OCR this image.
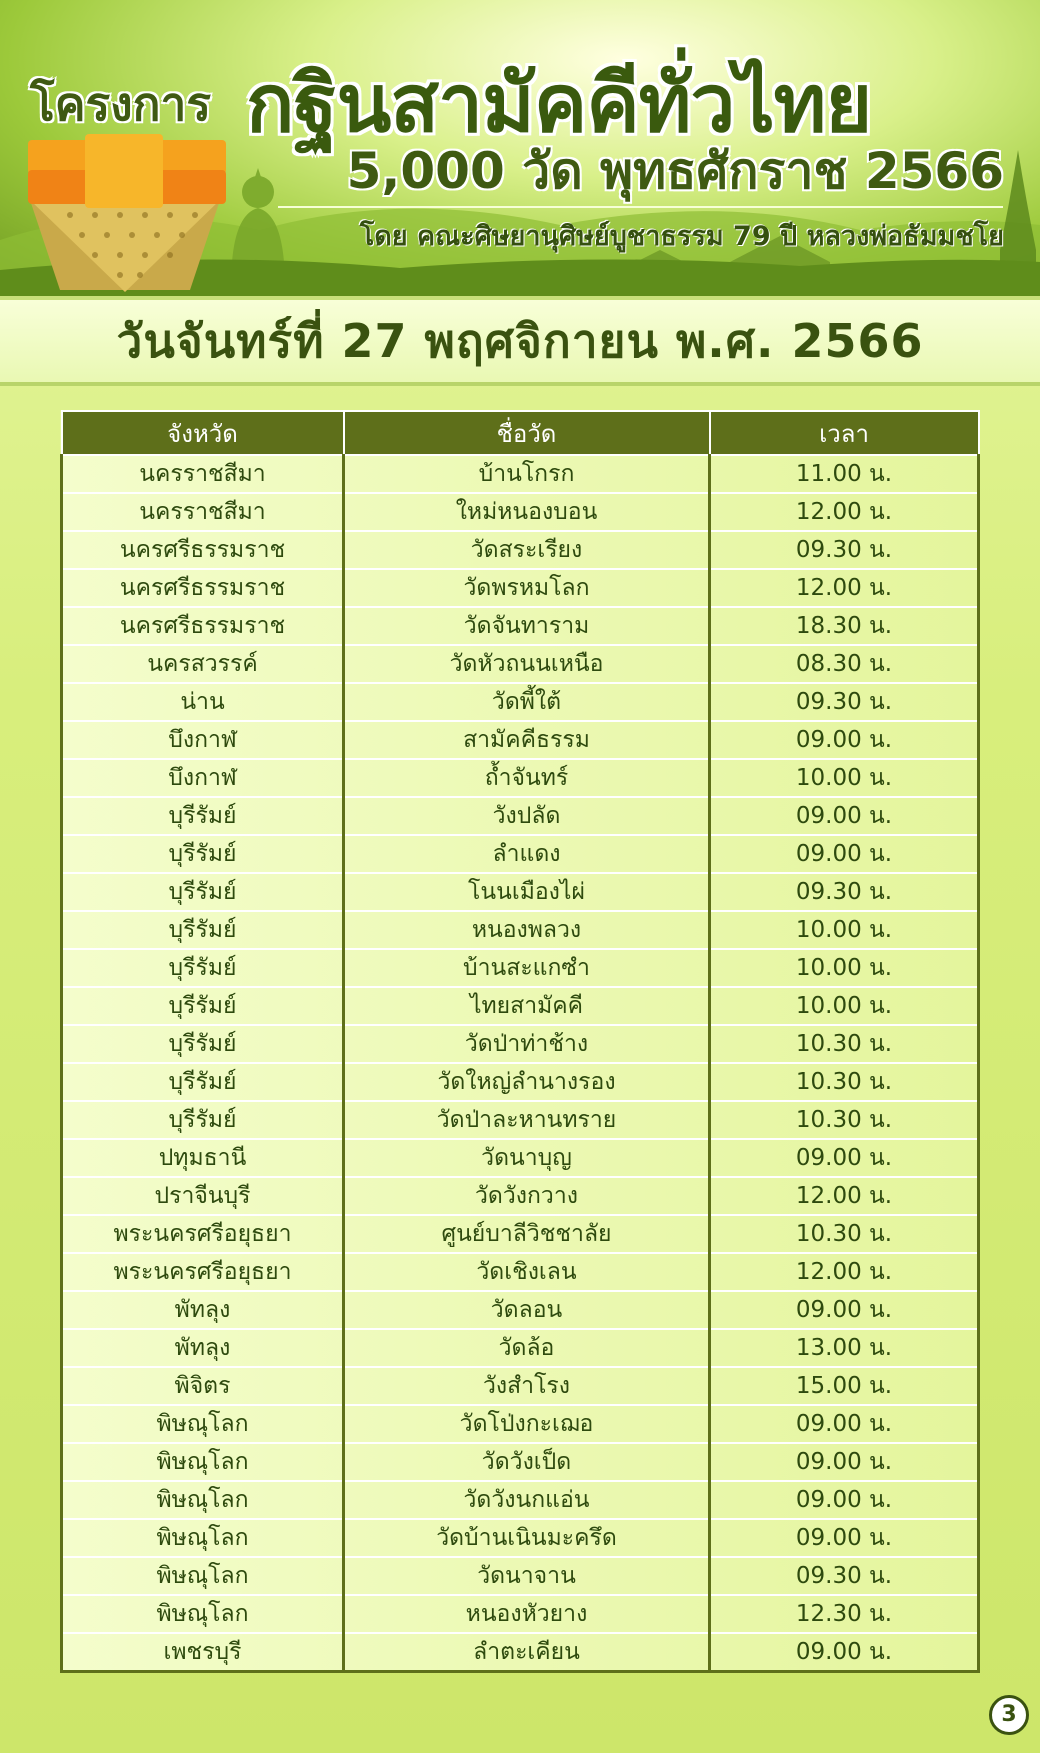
โครงการ กฐินสามัคคีทั่วไทย
5,000 วัด พุทธศักราช 2566
โดย คณะศิษยานุศิษย์บูชาธรรม 79 ปี หลวงพ่อธัมมชโย
วันจันทร์ที่ 27 พฤศจิกายน พ.ศ. 2566
จังหวัด	ชื่อวัด	เวลา
นครราชสีมา	บ้านโกรก	11.00 น.
นครราชสีมา	ใหม่หนองบอน	12.00 น.
นครศรีธรรมราช	วัดสระเรียง	09.30 น.
นครศรีธรรมราช	วัดพรหมโลก	12.00 น.
นครศรีธรรมราช	วัดจันทาราม	18.30 น.
นครสวรรค์	วัดหัวถนนเหนือ	08.30 น.
น่าน	วัดพี้ใต้	09.30 น.
บึงกาฬ	สามัคคีธรรม	09.00 น.
บึงกาฬ	ถ้ำจันทร์	10.00 น.
บุรีรัมย์	วังปลัด	09.00 น.
บุรีรัมย์	ลำแดง	09.00 น.
บุรีรัมย์	โนนเมืองไผ่	09.30 น.
บุรีรัมย์	หนองพลวง	10.00 น.
บุรีรัมย์	บ้านสะแกซำ	10.00 น.
บุรีรัมย์	ไทยสามัคคี	10.00 น.
บุรีรัมย์	วัดป่าท่าช้าง	10.30 น.
บุรีรัมย์	วัดใหญ่ลำนางรอง	10.30 น.
บุรีรัมย์	วัดป่าละหานทราย	10.30 น.
ปทุมธานี	วัดนาบุญ	09.00 น.
ปราจีนบุรี	วัดวังกวาง	12.00 น.
พระนครศรีอยุธยา	ศูนย์บาลีวิชชาลัย	10.30 น.
พระนครศรีอยุธยา	วัดเชิงเลน	12.00 น.
พัทลุง	วัดลอน	09.00 น.
พัทลุง	วัดล้อ	13.00 น.
พิจิตร	วังสำโรง	15.00 น.
พิษณุโลก	วัดโป่งกะเฌอ	09.00 น.
พิษณุโลก	วัดวังเป็ด	09.00 น.
พิษณุโลก	วัดวังนกแอ่น	09.00 น.
พิษณุโลก	วัดบ้านเนินมะครึด	09.00 น.
พิษณุโลก	วัดนาจาน	09.30 น.
พิษณุโลก	หนองหัวยาง	12.30 น.
เพชรบุรี	ลำตะเคียน	09.00 น.
3
